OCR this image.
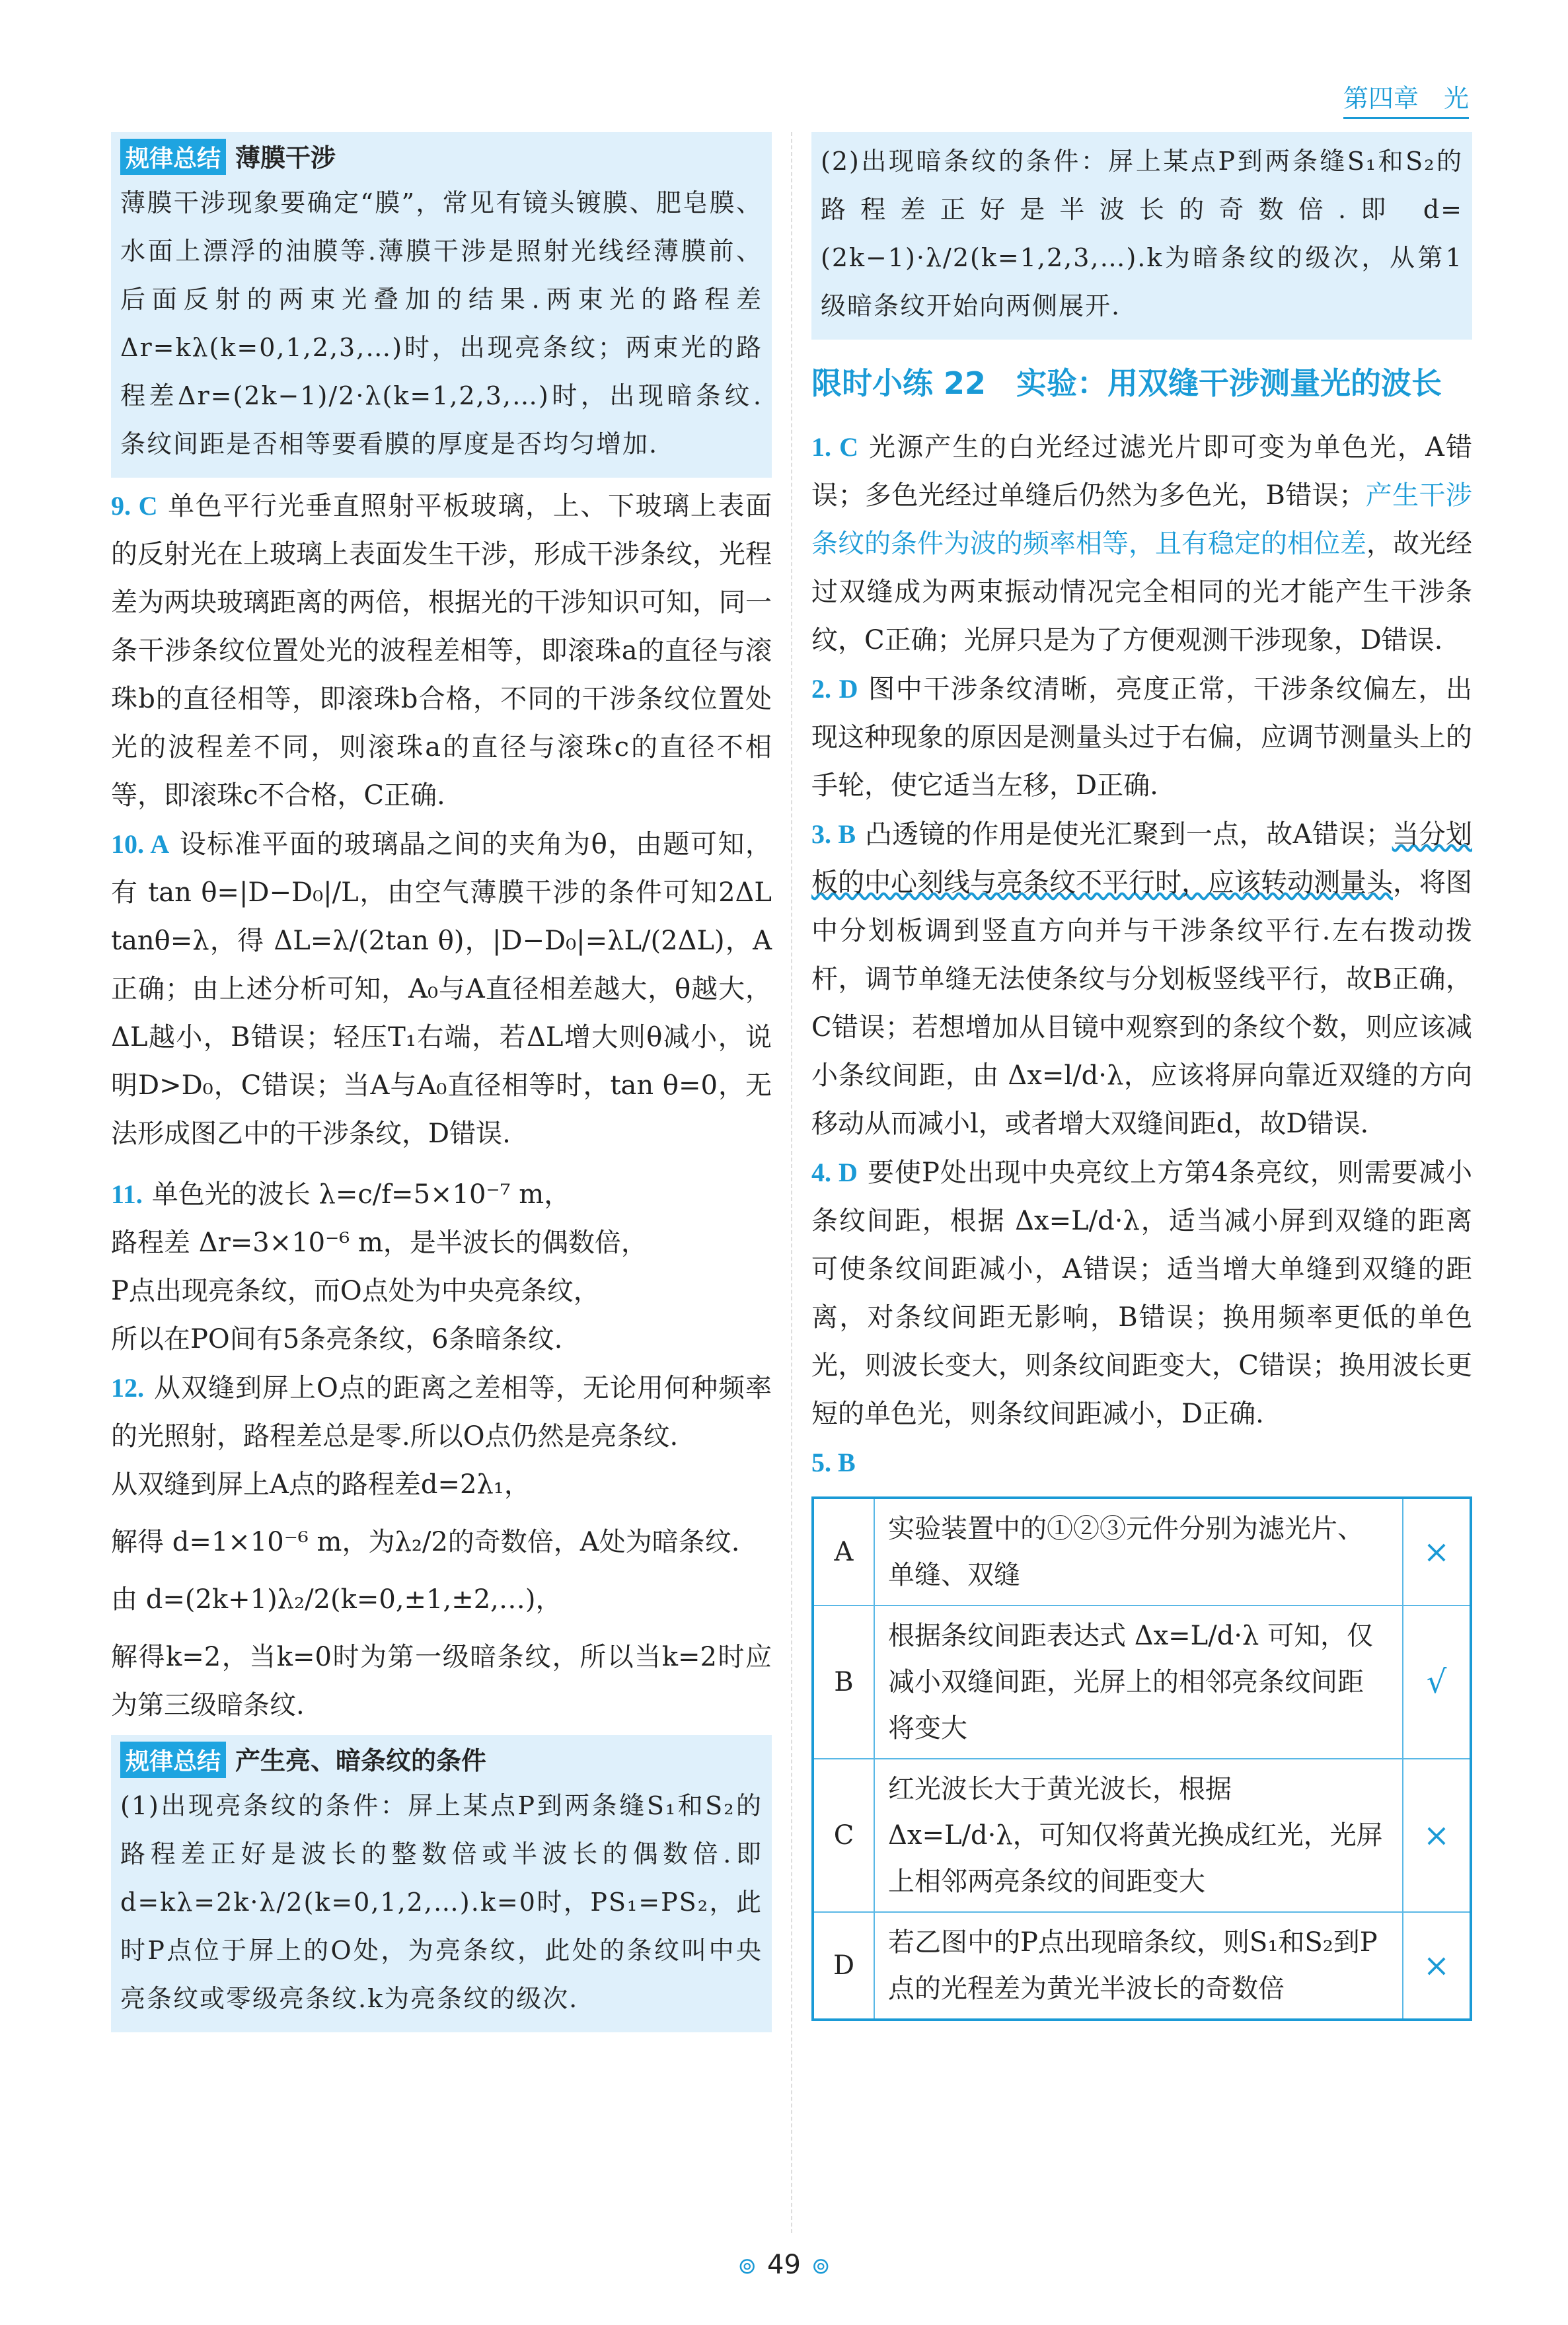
第四章　光
规律总结 薄膜干涉

薄膜干涉现象要确定“膜”，常见有镜头镀膜、肥皂膜、水面上漂浮的油膜等.薄膜干涉是照射光线经薄膜前、后面反射的两束光叠加的结果.两束光的路程差Δr=kλ(k=0,1,2,3,…)时，出现亮条纹；两束光的路程差Δr=(2k−1)/2·λ(k=1,2,3,…)时，出现暗条纹.条纹间距是否相等要看膜的厚度是否均匀增加.

9. C 单色平行光垂直照射平板玻璃，上、下玻璃上表面的反射光在上玻璃上表面发生干涉，形成干涉条纹，光程差为两块玻璃距离的两倍，根据光的干涉知识可知，同一条干涉条纹位置处光的波程差相等，即滚珠a的直径与滚珠b的直径相等，即滚珠b合格，不同的干涉条纹位置处光的波程差不同，则滚珠a的直径与滚珠c的直径不相等，即滚珠c不合格，C正确.

10. A 设标准平面的玻璃晶之间的夹角为θ，由题可知，有 tan θ=|D−D₀|/L，由空气薄膜干涉的条件可知2ΔL tanθ=λ，得 ΔL=λ/(2tan θ)，|D−D₀|=λL/(2ΔL)，A正确；由上述分析可知，A₀与A直径相差越大，θ越大，ΔL越小，B错误；轻压T₁右端，若ΔL增大则θ减小，说明D>D₀，C错误；当A与A₀直径相等时，tan θ=0，无法形成图乙中的干涉条纹，D错误.

11. 单色光的波长 λ=c/f=5×10⁻⁷ m，
路程差 Δr=3×10⁻⁶ m，是半波长的偶数倍，
P点出现亮条纹，而O点处为中央亮条纹，
所以在PO间有5条亮条纹，6条暗条纹.
12. 从双缝到屏上O点的距离之差相等，无论用何种频率的光照射，路程差总是零.所以O点仍然是亮条纹.
从双缝到屏上A点的路程差d=2λ₁，
解得 d=1×10⁻⁶ m，为λ₂/2的奇数倍，A处为暗条纹.
由 d=(2k+1)λ₂/2(k=0,±1,±2,…)，
解得k=2，当k=0时为第一级暗条纹，所以当k=2时应为第三级暗条纹.
规律总结 产生亮、暗条纹的条件

(1)出现亮条纹的条件：屏上某点P到两条缝S₁和S₂的路程差正好是波长的整数倍或半波长的偶数倍.即d=kλ=2k·λ/2(k=0,1,2,…).k=0时，PS₁=PS₂，此时P点位于屏上的O处，为亮条纹，此处的条纹叫中央亮条纹或零级亮条纹.k为亮条纹的级次.

(2)出现暗条纹的条件：屏上某点P到两条缝S₁和S₂的路程差正好是半波长的奇数倍.即 d=(2k−1)·λ/2(k=1,2,3,…).k为暗条纹的级次，从第1级暗条纹开始向两侧展开.

限时小练 22　实验：用双缝干涉测量光的波长

1. C 光源产生的白光经过滤光片即可变为单色光，A错误；多色光经过单缝后仍然为多色光，B错误；产生干涉条纹的条件为波的频率相等，且有稳定的相位差，故光经过双缝成为两束振动情况完全相同的光才能产生干涉条纹，C正确；光屏只是为了方便观测干涉现象，D错误.

2. D 图中干涉条纹清晰，亮度正常，干涉条纹偏左，出现这种现象的原因是测量头过于右偏，应调节测量头上的手轮，使它适当左移，D正确.

3. B 凸透镜的作用是使光汇聚到一点，故A错误；当分划板的中心刻线与亮条纹不平行时，应该转动测量头，将图中分划板调到竖直方向并与干涉条纹平行.左右拨动拨杆，调节单缝无法使条纹与分划板竖线平行，故B正确，C错误；若想增加从目镜中观察到的条纹个数，则应该减小条纹间距，由 Δx=l/d·λ，应该将屏向靠近双缝的方向移动从而减小l，或者增大双缝间距d，故D错误.

4. D 要使P处出现中央亮纹上方第4条亮纹，则需要减小条纹间距，根据 Δx=L/d·λ，适当减小屏到双缝的距离可使条纹间距减小，A错误；适当增大单缝到双缝的距离，对条纹间距无影响，B错误；换用频率更低的单色光，则波长变大，则条纹间距变大，C错误；换用波长更短的单色光，则条纹间距减小，D正确.

5. B

A	实验装置中的①②③元件分别为滤光片、单缝、双缝	×
B	根据条纹间距表达式 Δx=L/d·λ 可知，仅减小双缝间距，光屏上的相邻亮条纹间距将变大	√
C	红光波长大于黄光波长，根据 Δx=L/d·λ，可知仅将黄光换成红光，光屏上相邻两亮条纹的间距变大	×
D	若乙图中的P点出现暗条纹，则S₁和S₂到P点的光程差为黄光半波长的奇数倍	×
⊚ 49 ⊚
